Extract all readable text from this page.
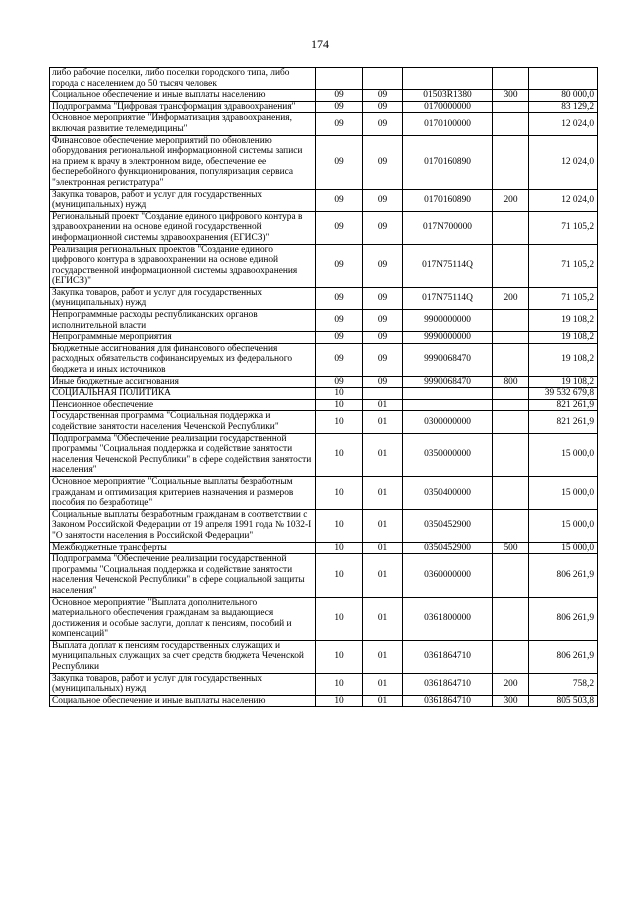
174
либо рабочие поселки, либо поселки городского типа, либо города с населением до 50 тысяч человек					
Социальное обеспечение и иные выплаты населению	09	09	01503R1380	300	80 000,0
Подпрограмма "Цифровая трансформация здравоохранения"	09	09	0170000000		83 129,2
Основное мероприятие "Информатизация здравоохранения, включая развитие телемедицины"	09	09	0170100000		12 024,0
Финансовое обеспечение мероприятий по обновлению оборудования региональной информационной системы записи на прием к врачу в электронном виде, обеспечение ее бесперебойного функционирования, популяризация сервиса "электронная регистратура"	09	09	0170160890		12 024,0
Закупка товаров, работ и услуг для государственных (муниципальных) нужд	09	09	0170160890	200	12 024,0
Региональный проект "Создание единого цифрового контура в здравоохранении на основе единой государственной информационной системы здравоохранения (ЕГИСЗ)"	09	09	017N700000		71 105,2
Реализация региональных проектов "Создание единого цифрового контура в здравоохранении на основе единой государственной информационной системы здравоохранения (ЕГИСЗ)"	09	09	017N75114Q		71 105,2
Закупка товаров, работ и услуг для государственных (муниципальных) нужд	09	09	017N75114Q	200	71 105,2
Непрограммные расходы республиканских органов исполнительной власти	09	09	9900000000		19 108,2
Непрограммные мероприятия	09	09	9990000000		19 108,2
Бюджетные ассигнования для финансового обеспечения расходных обязательств софинансируемых из федерального бюджета и иных источников	09	09	9990068470		19 108,2
Иные бюджетные ассигнования	09	09	9990068470	800	19 108,2
СОЦИАЛЬНАЯ ПОЛИТИКА	10				39 532 679,8
Пенсионное обеспечение	10	01			821 261,9
Государственная программа "Социальная поддержка и содействие занятости населения Чеченской Республики"	10	01	0300000000		821 261,9
Подпрограмма "Обеспечение реализации государственной программы "Социальная поддержка и содействие занятости населения Чеченской Республики" в сфере содействия занятости населения"	10	01	0350000000		15 000,0
Основное мероприятие "Социальные выплаты безработным гражданам и оптимизация критериев назначения и размеров пособия по безработице"	10	01	0350400000		15 000,0
Социальные выплаты безработным гражданам в соответствии с Законом Российской Федерации от 19 апреля 1991 года № 1032-I "О занятости населения в Российской Федерации"	10	01	0350452900		15 000,0
Межбюджетные трансферты	10	01	0350452900	500	15 000,0
Подпрограмма "Обеспечение реализации государственной программы "Социальная поддержка и содействие занятости населения Чеченской Республики" в сфере социальной защиты населения"	10	01	0360000000		806 261,9
Основное мероприятие "Выплата дополнительного материального обеспечения гражданам за выдающиеся достижения и особые заслуги, доплат к пенсиям, пособий и компенсаций"	10	01	0361800000		806 261,9
Выплата доплат к пенсиям государственных служащих и муниципальных служащих за счет средств бюджета Чеченской Республики	10	01	0361864710		806 261,9
Закупка товаров, работ и услуг для государственных (муниципальных) нужд	10	01	0361864710	200	758,2
Социальное обеспечение и иные выплаты населению	10	01	0361864710	300	805 503,8
